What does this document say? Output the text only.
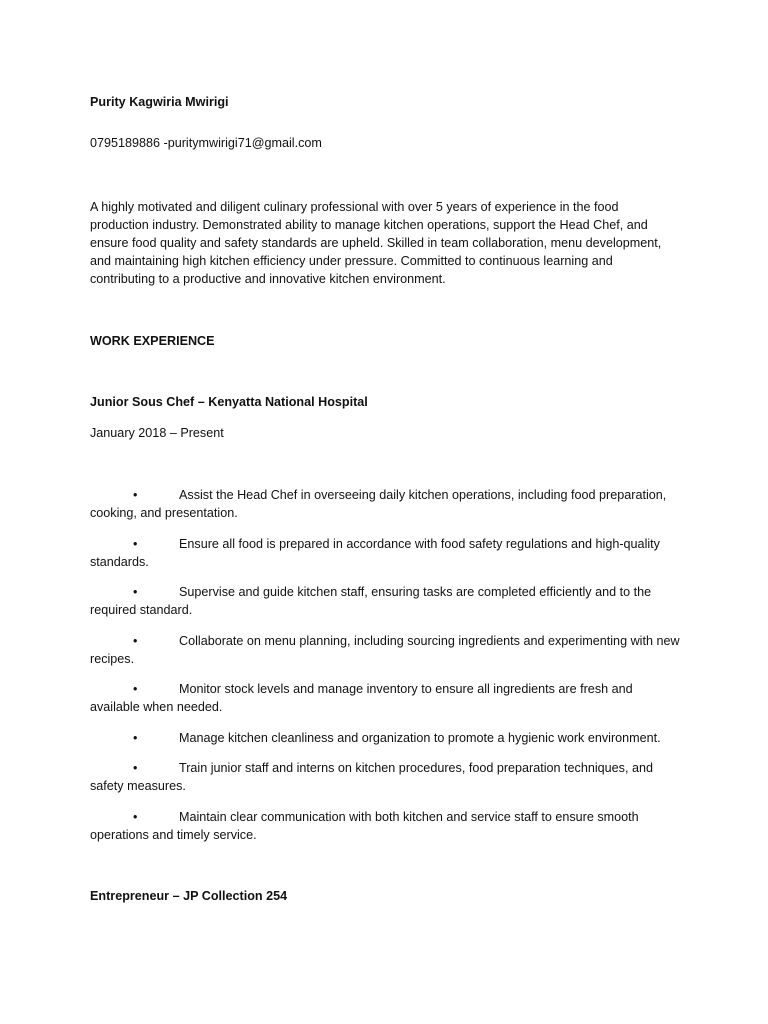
Purity Kagwiria Mwirigi

0795189886 -puritymwirigi71@gmail.com

A highly motivated and diligent culinary professional with over 5 years of experience in the food production industry. Demonstrated ability to manage kitchen operations, support the Head Chef, and ensure food quality and safety standards are upheld. Skilled in team collaboration, menu development, and maintaining high kitchen efficiency under pressure. Committed to continuous learning and contributing to a productive and innovative kitchen environment.

WORK EXPERIENCE

Junior Sous Chef – Kenyatta National Hospital

January 2018 – Present

•	Assist the Head Chef in overseeing daily kitchen operations, including food preparation, cooking, and presentation.
•	Ensure all food is prepared in accordance with food safety regulations and high-quality standards.
•	Supervise and guide kitchen staff, ensuring tasks are completed efficiently and to the required standard.
•	Collaborate on menu planning, including sourcing ingredients and experimenting with new recipes.
•	Monitor stock levels and manage inventory to ensure all ingredients are fresh and available when needed.
•	Manage kitchen cleanliness and organization to promote a hygienic work environment.
•	Train junior staff and interns on kitchen procedures, food preparation techniques, and safety measures.
•	Maintain clear communication with both kitchen and service staff to ensure smooth operations and timely service.

Entrepreneur – JP Collection 254
